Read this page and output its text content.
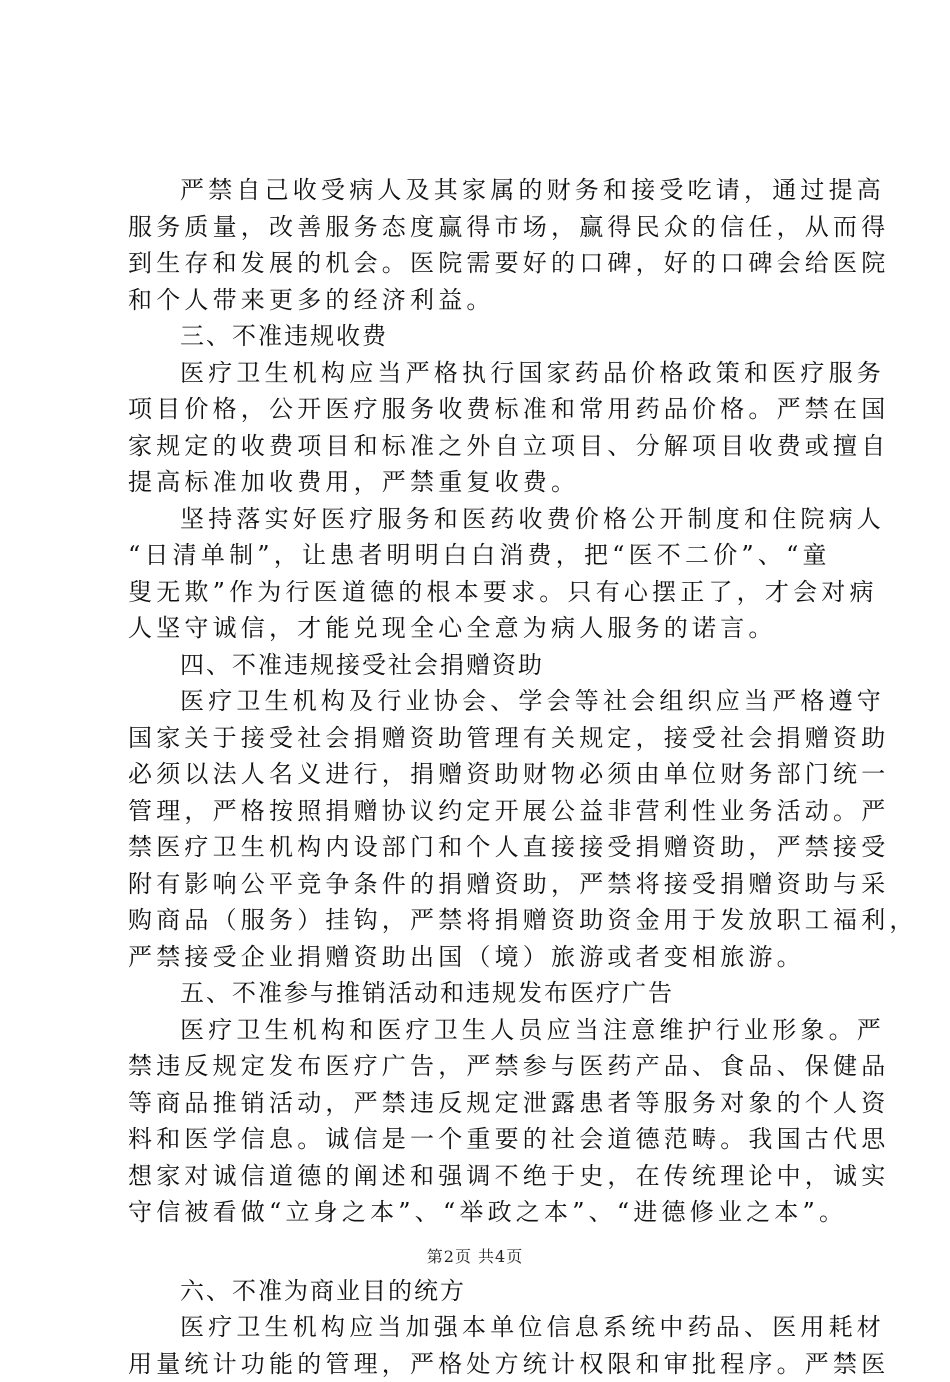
严禁自己收受病人及其家属的财务和接受吃请，通过提高
服务质量，改善服务态度赢得市场，赢得民众的信任，从而得
到生存和发展的机会。医院需要好的口碑，好的口碑会给医院
和个人带来更多的经济利益。
三、不准违规收费
医疗卫生机构应当严格执行国家药品价格政策和医疗服务
项目价格，公开医疗服务收费标准和常用药品价格。严禁在国
家规定的收费项目和标准之外自立项目、分解项目收费或擅自
提高标准加收费用，严禁重复收费。
坚持落实好医疗服务和医药收费价格公开制度和住院病人
“日清单制”，让患者明明白白消费，把“医不二价”、“童
叟无欺”作为行医道德的根本要求。只有心摆正了，才会对病
人坚守诚信，才能兑现全心全意为病人服务的诺言。
四、不准违规接受社会捐赠资助
医疗卫生机构及行业协会、学会等社会组织应当严格遵守
国家关于接受社会捐赠资助管理有关规定，接受社会捐赠资助
必须以法人名义进行，捐赠资助财物必须由单位财务部门统一
管理，严格按照捐赠协议约定开展公益非营利性业务活动。严
禁医疗卫生机构内设部门和个人直接接受捐赠资助，严禁接受
附有影响公平竞争条件的捐赠资助，严禁将接受捐赠资助与采
购商品（服务）挂钩，严禁将捐赠资助资金用于发放职工福利，
严禁接受企业捐赠资助出国（境）旅游或者变相旅游。
五、不准参与推销活动和违规发布医疗广告
医疗卫生机构和医疗卫生人员应当注意维护行业形象。严
禁违反规定发布医疗广告，严禁参与医药产品、食品、保健品
等商品推销活动，严禁违反规定泄露患者等服务对象的个人资
料和医学信息。诚信是一个重要的社会道德范畴。我国古代思
想家对诚信道德的阐述和强调不绝于史，在传统理论中，诚实
守信被看做“立身之本”、“举政之本”、“进德修业之本”。
六、不准为商业目的统方
医疗卫生机构应当加强本单位信息系统中药品、医用耗材
用量统计功能的管理，严格处方统计权限和审批程序。严禁医
第2页 共4页
